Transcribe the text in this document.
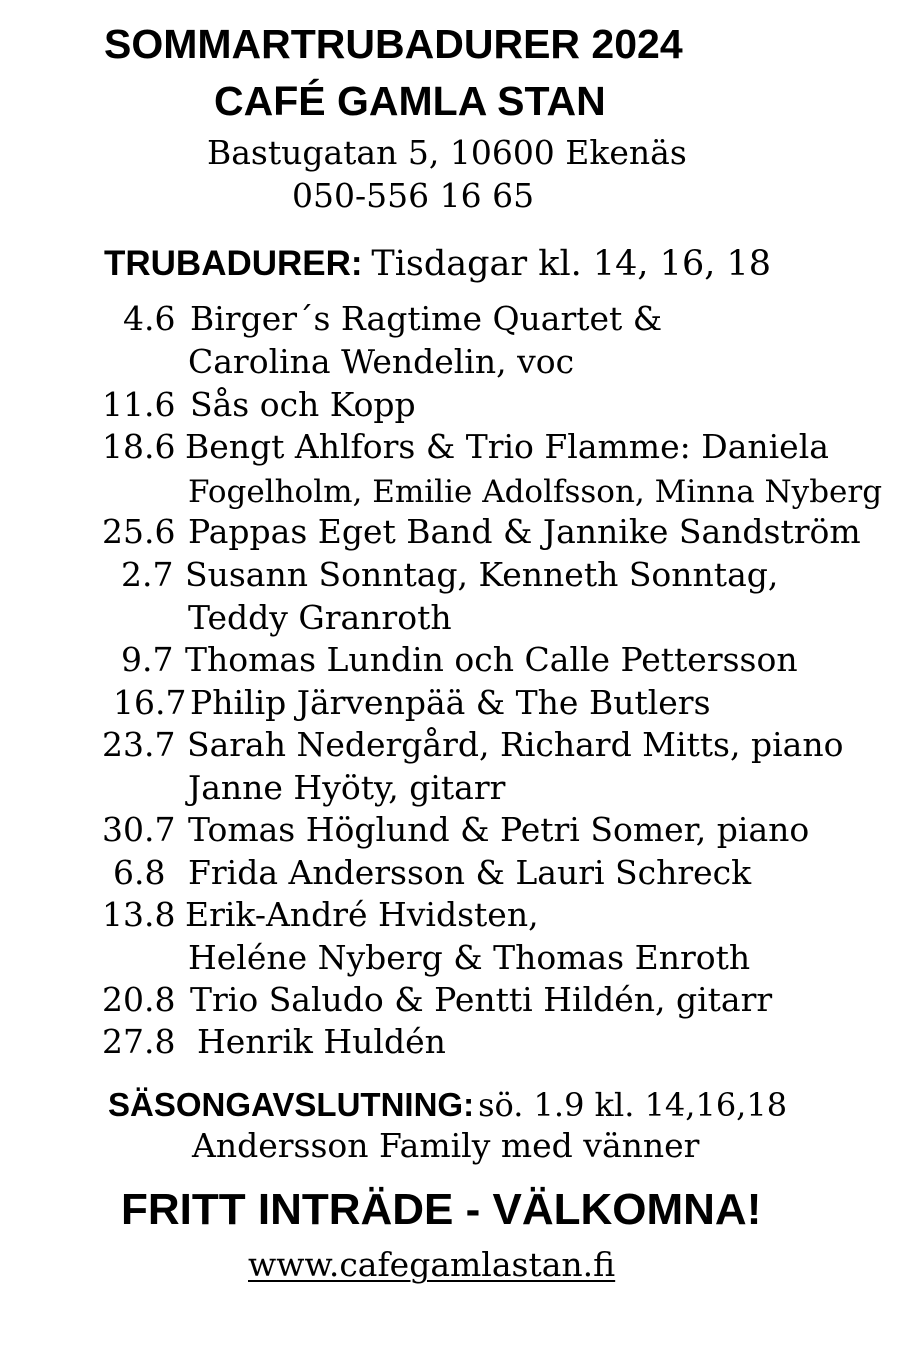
SOMMARTRUBADURER 2024
CAFÉ GAMLA STAN
Bastugatan 5, 10600 Ekenäs
050-556 16 65
TRUBADURER: Tisdagar kl. 14, 16, 18
4.6 Birger´s Ragtime Quartet &
Carolina Wendelin, voc
11.6 Sås och Kopp
18.6 Bengt Ahlfors & Trio Flamme: Daniela
Fogelholm, Emilie Adolfsson, Minna Nyberg
25.6 Pappas Eget Band & Jannike Sandström
2.7 Susann Sonntag, Kenneth Sonntag,
Teddy Granroth
9.7 Thomas Lundin och Calle Pettersson
16.7 Philip Järvenpää & The Butlers
23.7 Sarah Nedergård, Richard Mitts, piano
Janne Hyöty, gitarr
30.7 Tomas Höglund & Petri Somer, piano
6.8 Frida Andersson & Lauri Schreck
13.8 Erik-André Hvidsten,
Heléne Nyberg & Thomas Enroth
20.8 Trio Saludo & Pentti Hildén, gitarr
27.8 Henrik Huldén
SÄSONGAVSLUTNING: sö. 1.9 kl. 14,16,18
Andersson Family med vänner
FRITT INTRÄDE - VÄLKOMNA!
www.cafegamlastan.fi
